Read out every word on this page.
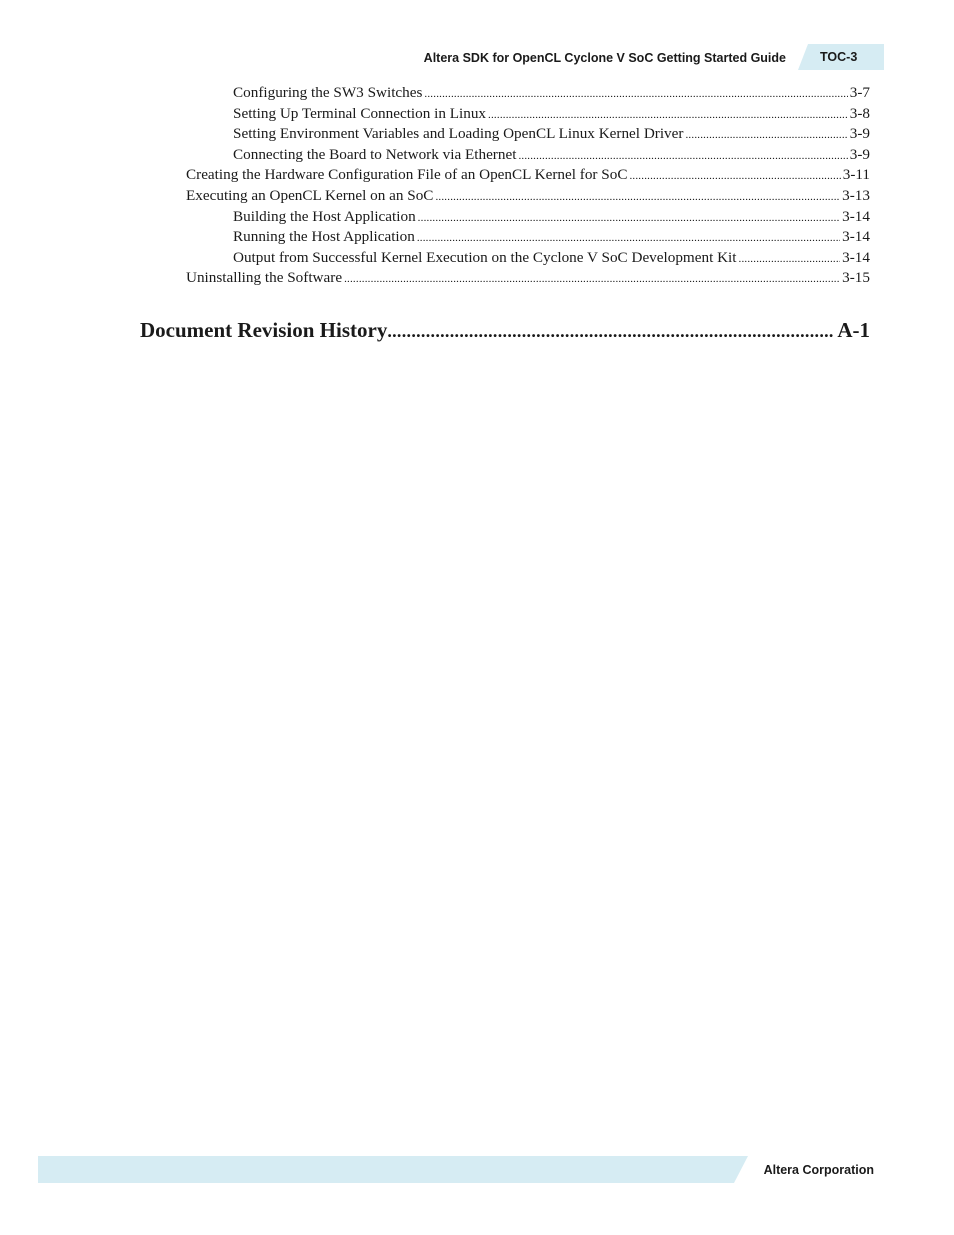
Altera SDK for OpenCL Cyclone V SoC Getting Started Guide	TOC-3
Configuring the SW3 Switches .....	3-7
Setting Up Terminal Connection in Linux .....	3-8
Setting Environment Variables and Loading OpenCL Linux Kernel Driver .....	3-9
Connecting the Board to Network via Ethernet .....	3-9
Creating the Hardware Configuration File of an OpenCL Kernel for SoC .....	3-11
Executing an OpenCL Kernel on an SoC .....	3-13
Building the Host Application .....	3-14
Running the Host Application .....	3-14
Output from Successful Kernel Execution on the Cyclone V SoC Development Kit .....	3-14
Uninstalling the Software .....	3-15
Document Revision History .....	A-1
Altera Corporation
